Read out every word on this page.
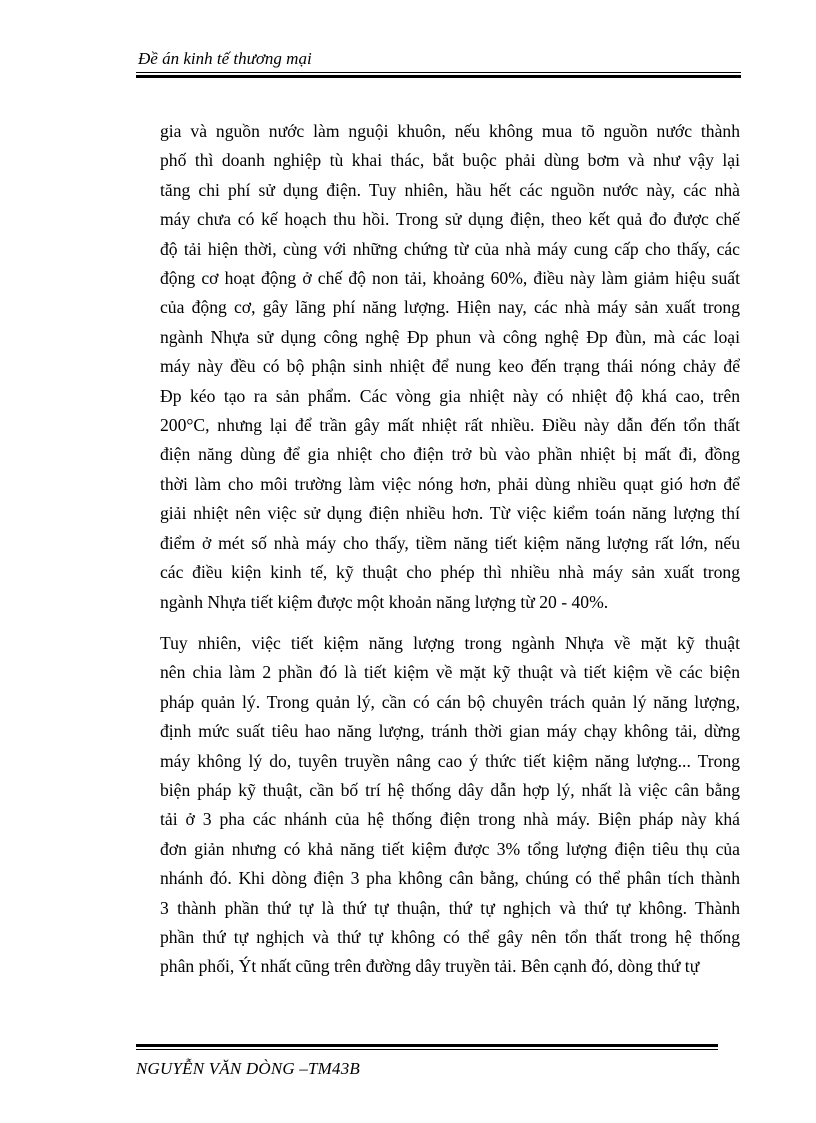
Đề án kinh tế thương mại

gia và nguồn nước làm nguội khuôn, nếu không mua tõ nguồn nước thành
phố thì doanh nghiệp tù khai thác, bắt buộc phải dùng bơm và như vậy lại
tăng chi phí sử dụng điện. Tuy nhiên, hầu hết các nguồn nước này, các nhà
máy chưa có kế hoạch thu hồi. Trong sử dụng điện, theo kết quả đo được chế
độ tải hiện thời, cùng với những chứng từ của nhà máy cung cấp cho thấy, các
động cơ hoạt động ở chế độ non tải, khoảng 60%, điều này làm giảm hiệu suất
của động cơ, gây lãng phí năng lượng. Hiện nay, các nhà máy sản xuất trong
ngành Nhựa sử dụng công nghệ Đp phun và công nghệ Đp đùn, mà các loại
máy này đều có bộ phận sinh nhiệt để nung keo đến trạng thái nóng chảy để
Đp kéo tạo ra sản phẩm. Các vòng gia nhiệt này có nhiệt độ khá cao, trên
200°C, nhưng lại để trần gây mất nhiệt rất nhiều. Điều này dẫn đến tổn thất
điện năng dùng để gia nhiệt cho điện trở bù vào phần nhiệt bị mất đi, đồng
thời làm cho môi trường làm việc nóng hơn, phải dùng nhiều quạt gió hơn để
giải nhiệt nên việc sử dụng điện nhiều hơn. Từ việc kiểm toán năng lượng thí
điểm ở mét số nhà máy cho thấy, tiềm năng tiết kiệm năng lượng rất lớn, nếu
các điều kiện kinh tế, kỹ thuật cho phép thì nhiều nhà máy sản xuất trong
ngành Nhựa tiết kiệm được một khoản năng lượng từ 20 - 40%.

Tuy nhiên, việc tiết kiệm năng lượng trong ngành Nhựa về mặt kỹ thuật
nên chia làm 2 phần đó là tiết kiệm về mặt kỹ thuật và tiết kiệm về các biện
pháp quản lý. Trong quản lý, cần có cán bộ chuyên trách quản lý năng lượng,
định mức suất tiêu hao năng lượng, tránh thời gian máy chạy không tải, dừng
máy không lý do, tuyên truyền nâng cao ý thức tiết kiệm năng lượng... Trong
biện pháp kỹ thuật, cần bố trí hệ thống dây dẫn hợp lý, nhất là việc cân bằng
tải ở 3 pha các nhánh của hệ thống điện trong nhà máy. Biện pháp này khá
đơn giản nhưng có khả năng tiết kiệm được 3% tổng lượng điện tiêu thụ của
nhánh đó. Khi dòng điện 3 pha không cân bằng, chúng có thể phân tích thành
3 thành phần thứ tự là thứ tự thuận, thứ tự nghịch và thứ tự không. Thành
phần thứ tự nghịch và thứ tự không có thể gây nên tổn thất trong hệ thống
phân phối, Ýt nhất cũng trên đường dây truyền tải. Bên cạnh đó, dòng thứ tự

NGUYỄN VĂN DÒNG –TM43B
